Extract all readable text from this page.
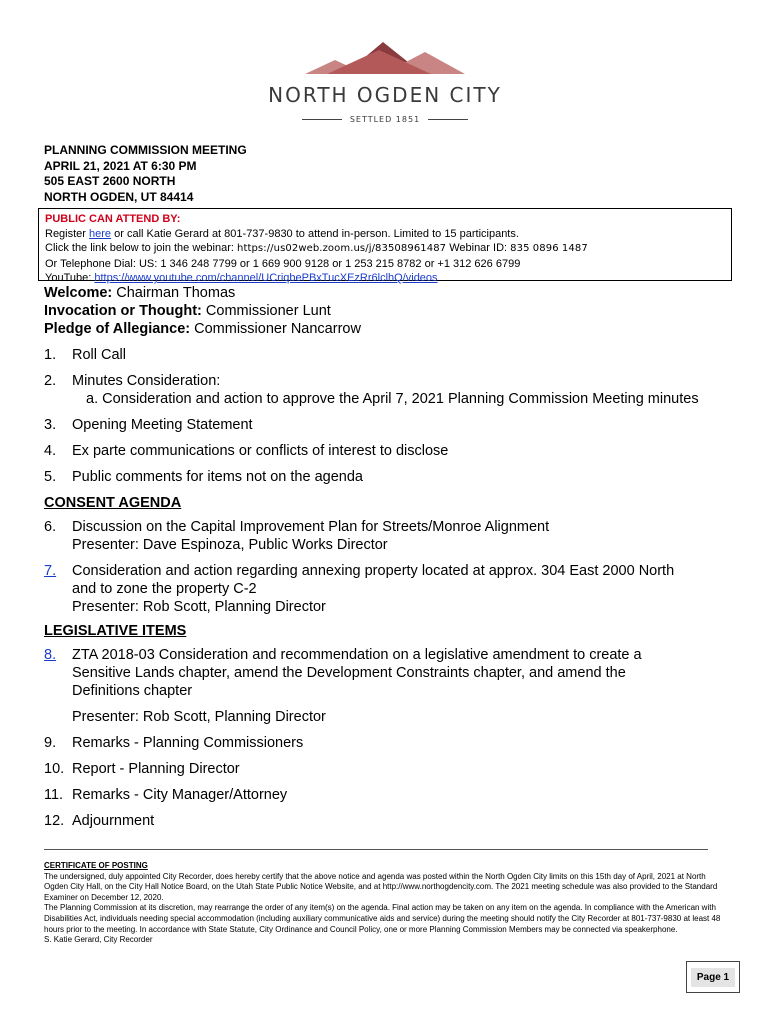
NORTH OGDEN CITY
SETTLED 1851
PLANNING COMMISSION MEETING
APRIL 21, 2021 AT 6:30 PM
505 EAST 2600 NORTH
NORTH OGDEN, UT 84414
PUBLIC CAN ATTEND BY:
Register here or call Katie Gerard at 801-737-9830 to attend in-person. Limited to 15 participants.
Click the link below to join the webinar: https://us02web.zoom.us/j/83508961487 Webinar ID: 835 0896 1487
Or Telephone Dial: US: 1 346 248 7799 or 1 669 900 9128 or 1 253 215 8782 or +1 312 626 6799
YouTube: https://www.youtube.com/channel/UCriqbePBxTucXEzRr6lclhQ/videos
Welcome: Chairman Thomas
Invocation or Thought: Commissioner Lunt
Pledge of Allegiance: Commissioner Nancarrow
1.	Roll Call
2.	Minutes Consideration:
a. Consideration and action to approve the April 7, 2021 Planning Commission Meeting minutes
3.	Opening Meeting Statement
4.	Ex parte communications or conflicts of interest to disclose
5.	Public comments for items not on the agenda
CONSENT AGENDA
6.	Discussion on the Capital Improvement Plan for Streets/Monroe Alignment
Presenter: Dave Espinoza, Public Works Director
7.	Consideration and action regarding annexing property located at approx. 304 East 2000 North
and to zone the property C-2
Presenter: Rob Scott, Planning Director
LEGISLATIVE ITEMS
8.	ZTA 2018-03 Consideration and recommendation on a legislative amendment to create a
Sensitive Lands chapter, amend the Development Constraints chapter, and amend the
Definitions chapter
Presenter: Rob Scott, Planning Director
9.	Remarks - Planning Commissioners
10. Report - Planning Director
11. Remarks - City Manager/Attorney
12. Adjournment
CERTIFICATE OF POSTING
The undersigned, duly appointed City Recorder, does hereby certify that the above notice and agenda was posted within the North Ogden City limits on this 15th day of April, 2021 at North Ogden City Hall, on the City Hall Notice Board, on the Utah State Public Notice Website, and at http://www.northogdencity.com. The 2021 meeting schedule was also provided to the Standard Examiner on December 12, 2020.
The Planning Commission at its discretion, may rearrange the order of any item(s) on the agenda. Final action may be taken on any item on the agenda. In compliance with the American with Disabilities Act, individuals needing special accommodation (including auxiliary communicative aids and service) during the meeting should notify the City Recorder at 801-737-9830 at least 48 hours prior to the meeting. In accordance with State Statute, City Ordinance and Council Policy, one or more Planning Commission Members may be connected via speakerphone.
S. Katie Gerard, City Recorder
Page 1
